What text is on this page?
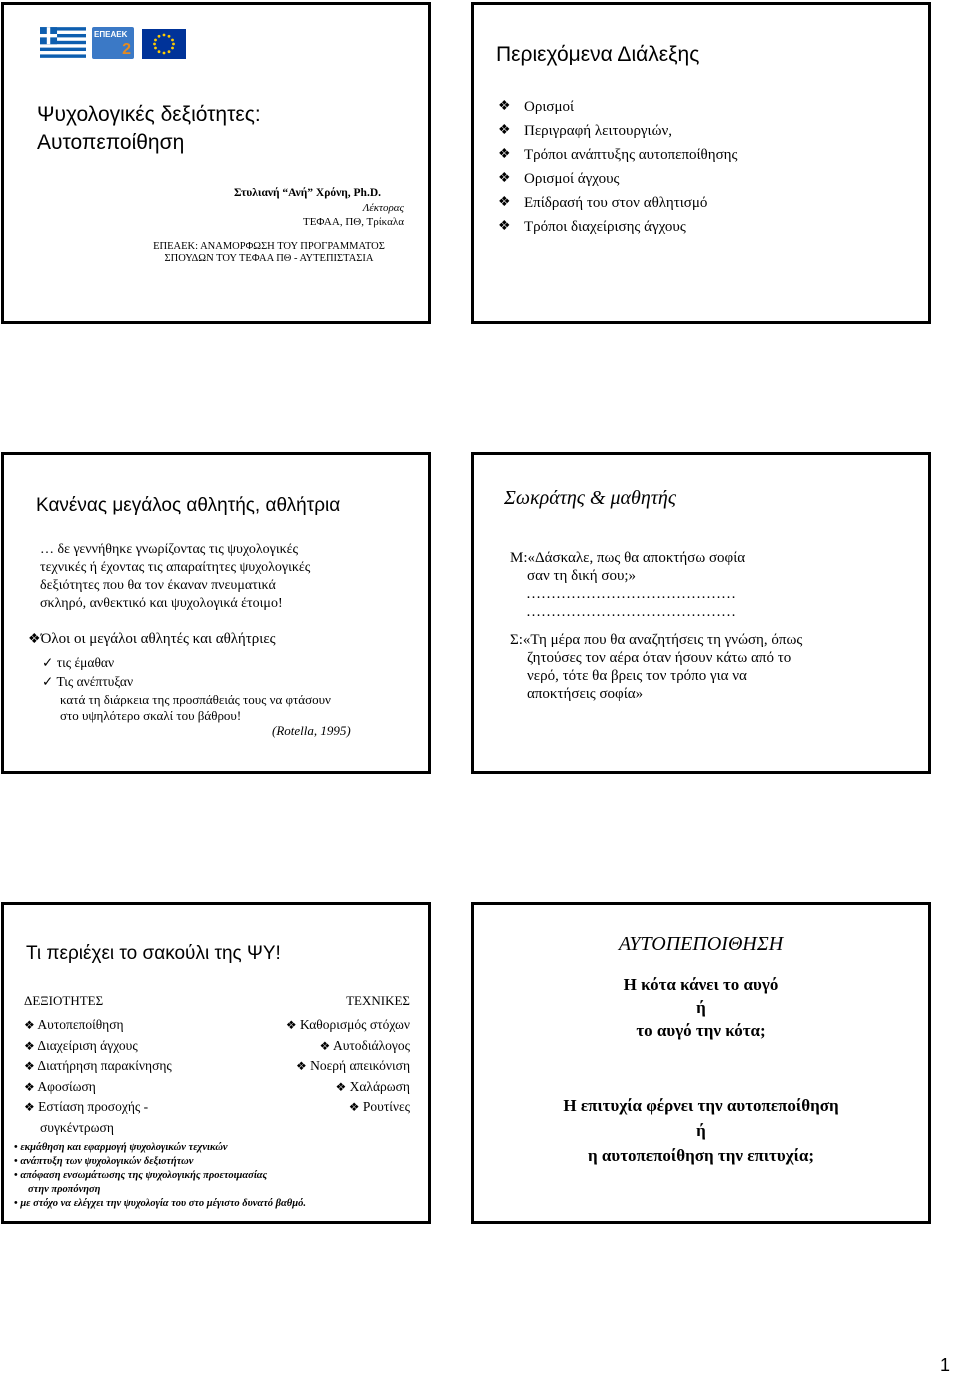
ΕΠΕΑΕΚ
2
Ψυχολογικές δεξιότητες:
Αυτοπεποίθηση
Στυλιανή “Ανή” Χρόνη, Ph.D.
Λέκτορας
ΤΕΦΑΑ, ΠΘ, Τρίκαλα
ΕΠΕΑΕΚ: ΑΝΑΜΟΡΦΩΣΗ ΤΟΥ ΠΡΟΓΡΑΜΜΑΤΟΣ
ΣΠΟΥΔΩΝ ΤΟΥ ΤΕΦΑΑ ΠΘ - ΑΥΤΕΠΙΣΤΑΣΙΑ
Περιεχόμενα Διάλεξης
❖ Ορισμοί
❖ Περιγραφή λειτουργιών,
❖ Τρόποι ανάπτυξης αυτοπεποίθησης
❖ Ορισμοί άγχους
❖ Επίδρασή του στον αθλητισμό
❖ Τρόποι διαχείρισης άγχους
Κανένας μεγάλος αθλητής, αθλήτρια
… δε γεννήθηκε γνωρίζοντας τις ψυχολογικές
τεχνικές ή έχοντας τις απαραίτητες ψυχολογικές
δεξιότητες που θα τον έκαναν πνευματικά
σκληρό, ανθεκτικό και ψυχολογικά έτοιμο!
❖Όλοι οι μεγάλοι αθλητές και αθλήτριες
✓ τις έμαθαν
✓ Τις ανέπτυξαν
κατά τη διάρκεια της προσπάθειάς τους να φτάσουν
στο υψηλότερο σκαλί του βάθρου!
(Rotella, 1995)
Σωκράτης & μαθητής
Μ:«Δάσκαλε, πως θα αποκτήσω σοφία
σαν τη δική σου;»
……………………………………
……………………………………
Σ:«Τη μέρα που θα αναζητήσεις τη γνώση, όπως
ζητούσες τον αέρα όταν ήσουν κάτω από το
νερό, τότε θα βρεις τον τρόπο για να
αποκτήσεις σοφία»
Τι περιέχει το σακούλι της ΨΥ!
ΔΕΞΙΟΤΗΤΕΣ	ΤΕΧΝΙΚΕΣ
❖ Αυτοπεποίθηση
❖ Διαχείριση άγχους
❖ Διατήρηση παρακίνησης
❖ Αφοσίωση
❖ Εστίαση προσοχής -
συγκέντρωση
❖ Καθορισμός στόχων
❖ Αυτοδιάλογος
❖ Νοερή απεικόνιση
❖ Χαλάρωση
❖ Ρουτίνες
• εκμάθηση και εφαρμογή ψυχολογικών τεχνικών
• ανάπτυξη των ψυχολογικών δεξιοτήτων
• απόφαση ενσωμάτωσης της ψυχολογικής προετοιμασίας
στην προπόνηση
• με στόχο να ελέγχει την ψυχολογία του στο μέγιστο δυνατό βαθμό.
ΑΥΤΟΠΕΠΟΙΘΗΣΗ
Η κότα κάνει το αυγό
ή
το αυγό την κότα;
Η επιτυχία φέρνει την αυτοπεποίθηση
ή
η αυτοπεποίθηση την επιτυχία;
1
